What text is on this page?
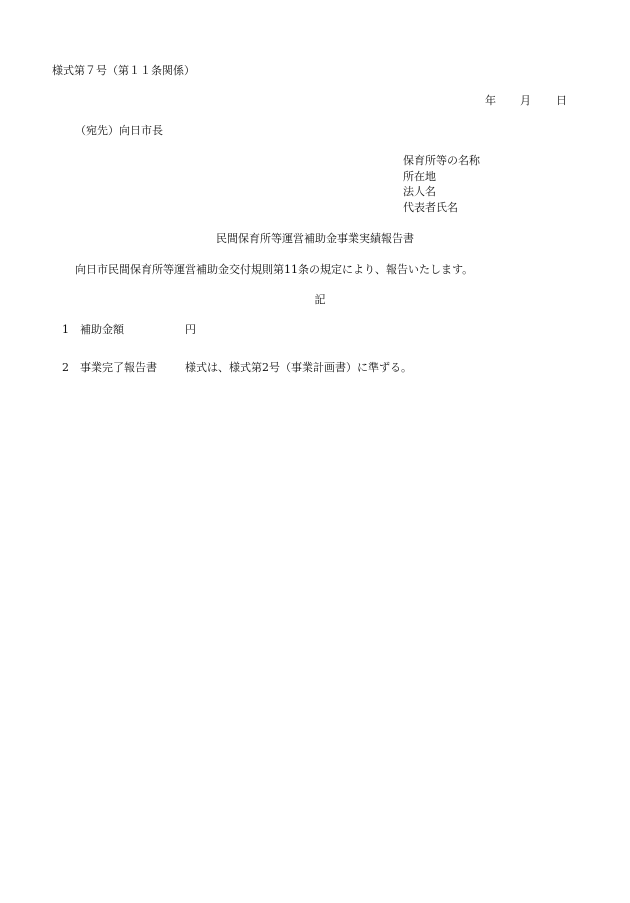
様式第７号（第１１条関係）
年 月 日
（宛先）向日市長
保育所等の名称
所在地
法人名
代表者氏名
民間保育所等運営補助金事業実績報告書
向日市民間保育所等運営補助金交付規則第11条の規定により、報告いたします。
記
1 補助金額	円
2 事業完了報告書	様式は、様式第2号（事業計画書）に準ずる。
